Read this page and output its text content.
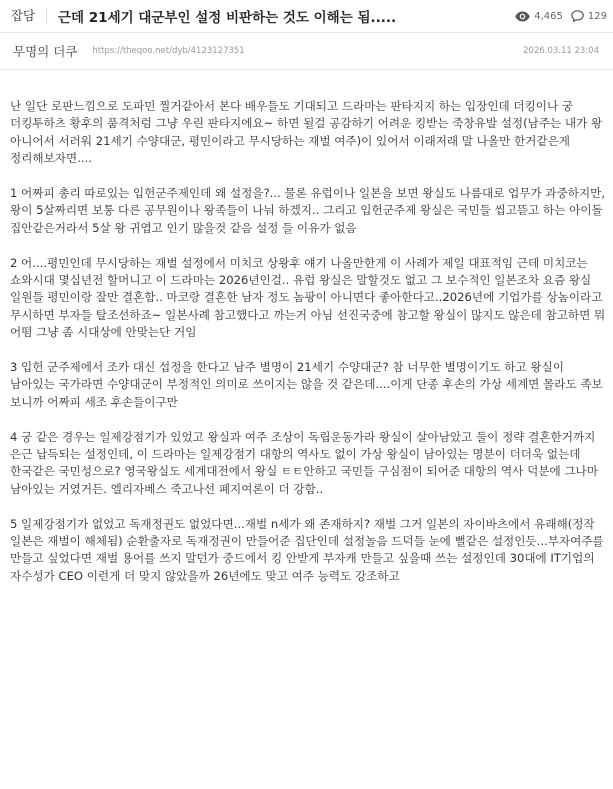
잡담	근데 21세기 대군부인 설정 비판하는 것도 이해는 됨.....	4,465	129
무명의 더쿠	https://theqoo.net/dyb/4123127351	2026.03.11 23:04

난 일단 로판느낌으로 도파민 찔거같아서 본다 배우들도 기대되고 드라마는 판타지지 하는 입장인데 더킹이나 궁 더킹투하츠 황후의 품격처럼 그냥 우린 판타지에요~ 하면 될걸 공감하기 어려운 킹받는 죽창유발 설정(남주는 내가 왕 아니어서 서러워 21세기 수양대군, 평민이라고 무시당하는 재벌 여주)이 있어서 이래저래 말 나올만 한거같은게
정리해보자면....

1 어짜피 총리 따로있는 입헌군주제인데 왜 설정을?... 물론 유럽이나 일본을 보면 왕실도 나름대로 업무가 과중하지만, 왕이 5살짜리면 보통 다른 공무원이나 왕족들이 나눠 하겠지.. 그리고 입헌군주제 왕실은 국민들 씹고뜯고 하는 아이돌 집안같은거라서 5살 왕 귀엽고 인기 많을것 같음 설정 들 이유가 없음

2 어....평민인데 무시당하는 재벌 설정에서 미치코 상왕후 얘기 나올만한게 이 사례가 제일 대표적임 근데 미치코는 쇼와시대 몇십년전 할머니고 이 드라마는 2026년인걸.. 유럽 왕실은 말할것도 없고 그 보수적인 일본조차 요즘 왕실 일원들 평민이랑 잘만 결혼함.. 마코랑 결혼한 남자 정도 놈팡이 아니면다 좋아한다고..2026년에 기업가를 상놈이라고 무시하면 부자들 탈조선하죠~ 일본사례 참고했다고 까는거 아님 선진국중에 참고할 왕실이 많지도 않은데 참고하면 뭐 어떰 그냥 좀 시대상에 안맞는단 거임

3 입헌 군주제에서 조카 대신 섭정을 한다고 남주 별명이 21세기 수양대군? 참 너무한 별명이기도 하고 왕실이 남아있는 국가라면 수양대군이 부정적인 의미로 쓰이지는 않을 것 같은데....이게 단종 후손의 가상 세계면 몰라도 족보 보니까 어짜피 세조 후손들이구만

4 궁 같은 경우는 일제강점기가 있었고 왕실과 여주 조상이 독립운동가라 왕실이 살아남았고 둘이 정략 결혼한거까지 은근 납득되는 설정인데, 이 드라마는 일제강점기 대항의 역사도 없이 가상 왕실이 남아있는 명분이 더더욱 없는데 한국같은 국민성으로? 영국왕실도 세계대전에서 왕실 ㅌㅌ안하고 국민들 구심점이 되어준 대항의 역사 덕분에 그나마 남아있는 거였거든. 엘리자베스 죽고나선 폐지여론이 더 강함..

5 일제강점기가 없었고 독재정권도 없었다면...재벌 n세가 왜 존재하지? 재벌 그거 일본의 자이바츠에서 유래해(정작 일본은 재벌이 해체됨) 순환출자로 독재정권이 만들어준 집단인데 설정놀음 드덕들 눈에 뻘같은 설정인듯...부자여주를 만들고 싶었다면 재벌 용어를 쓰지 말던가 중드에서 킹 안받게 부자캐 만들고 싶을때 쓰는 설정인데 30대에 IT기업의 자수성가 CEO 이런게 더 맞지 않았을까 26년에도 맞고 여주 능력도 강조하고
